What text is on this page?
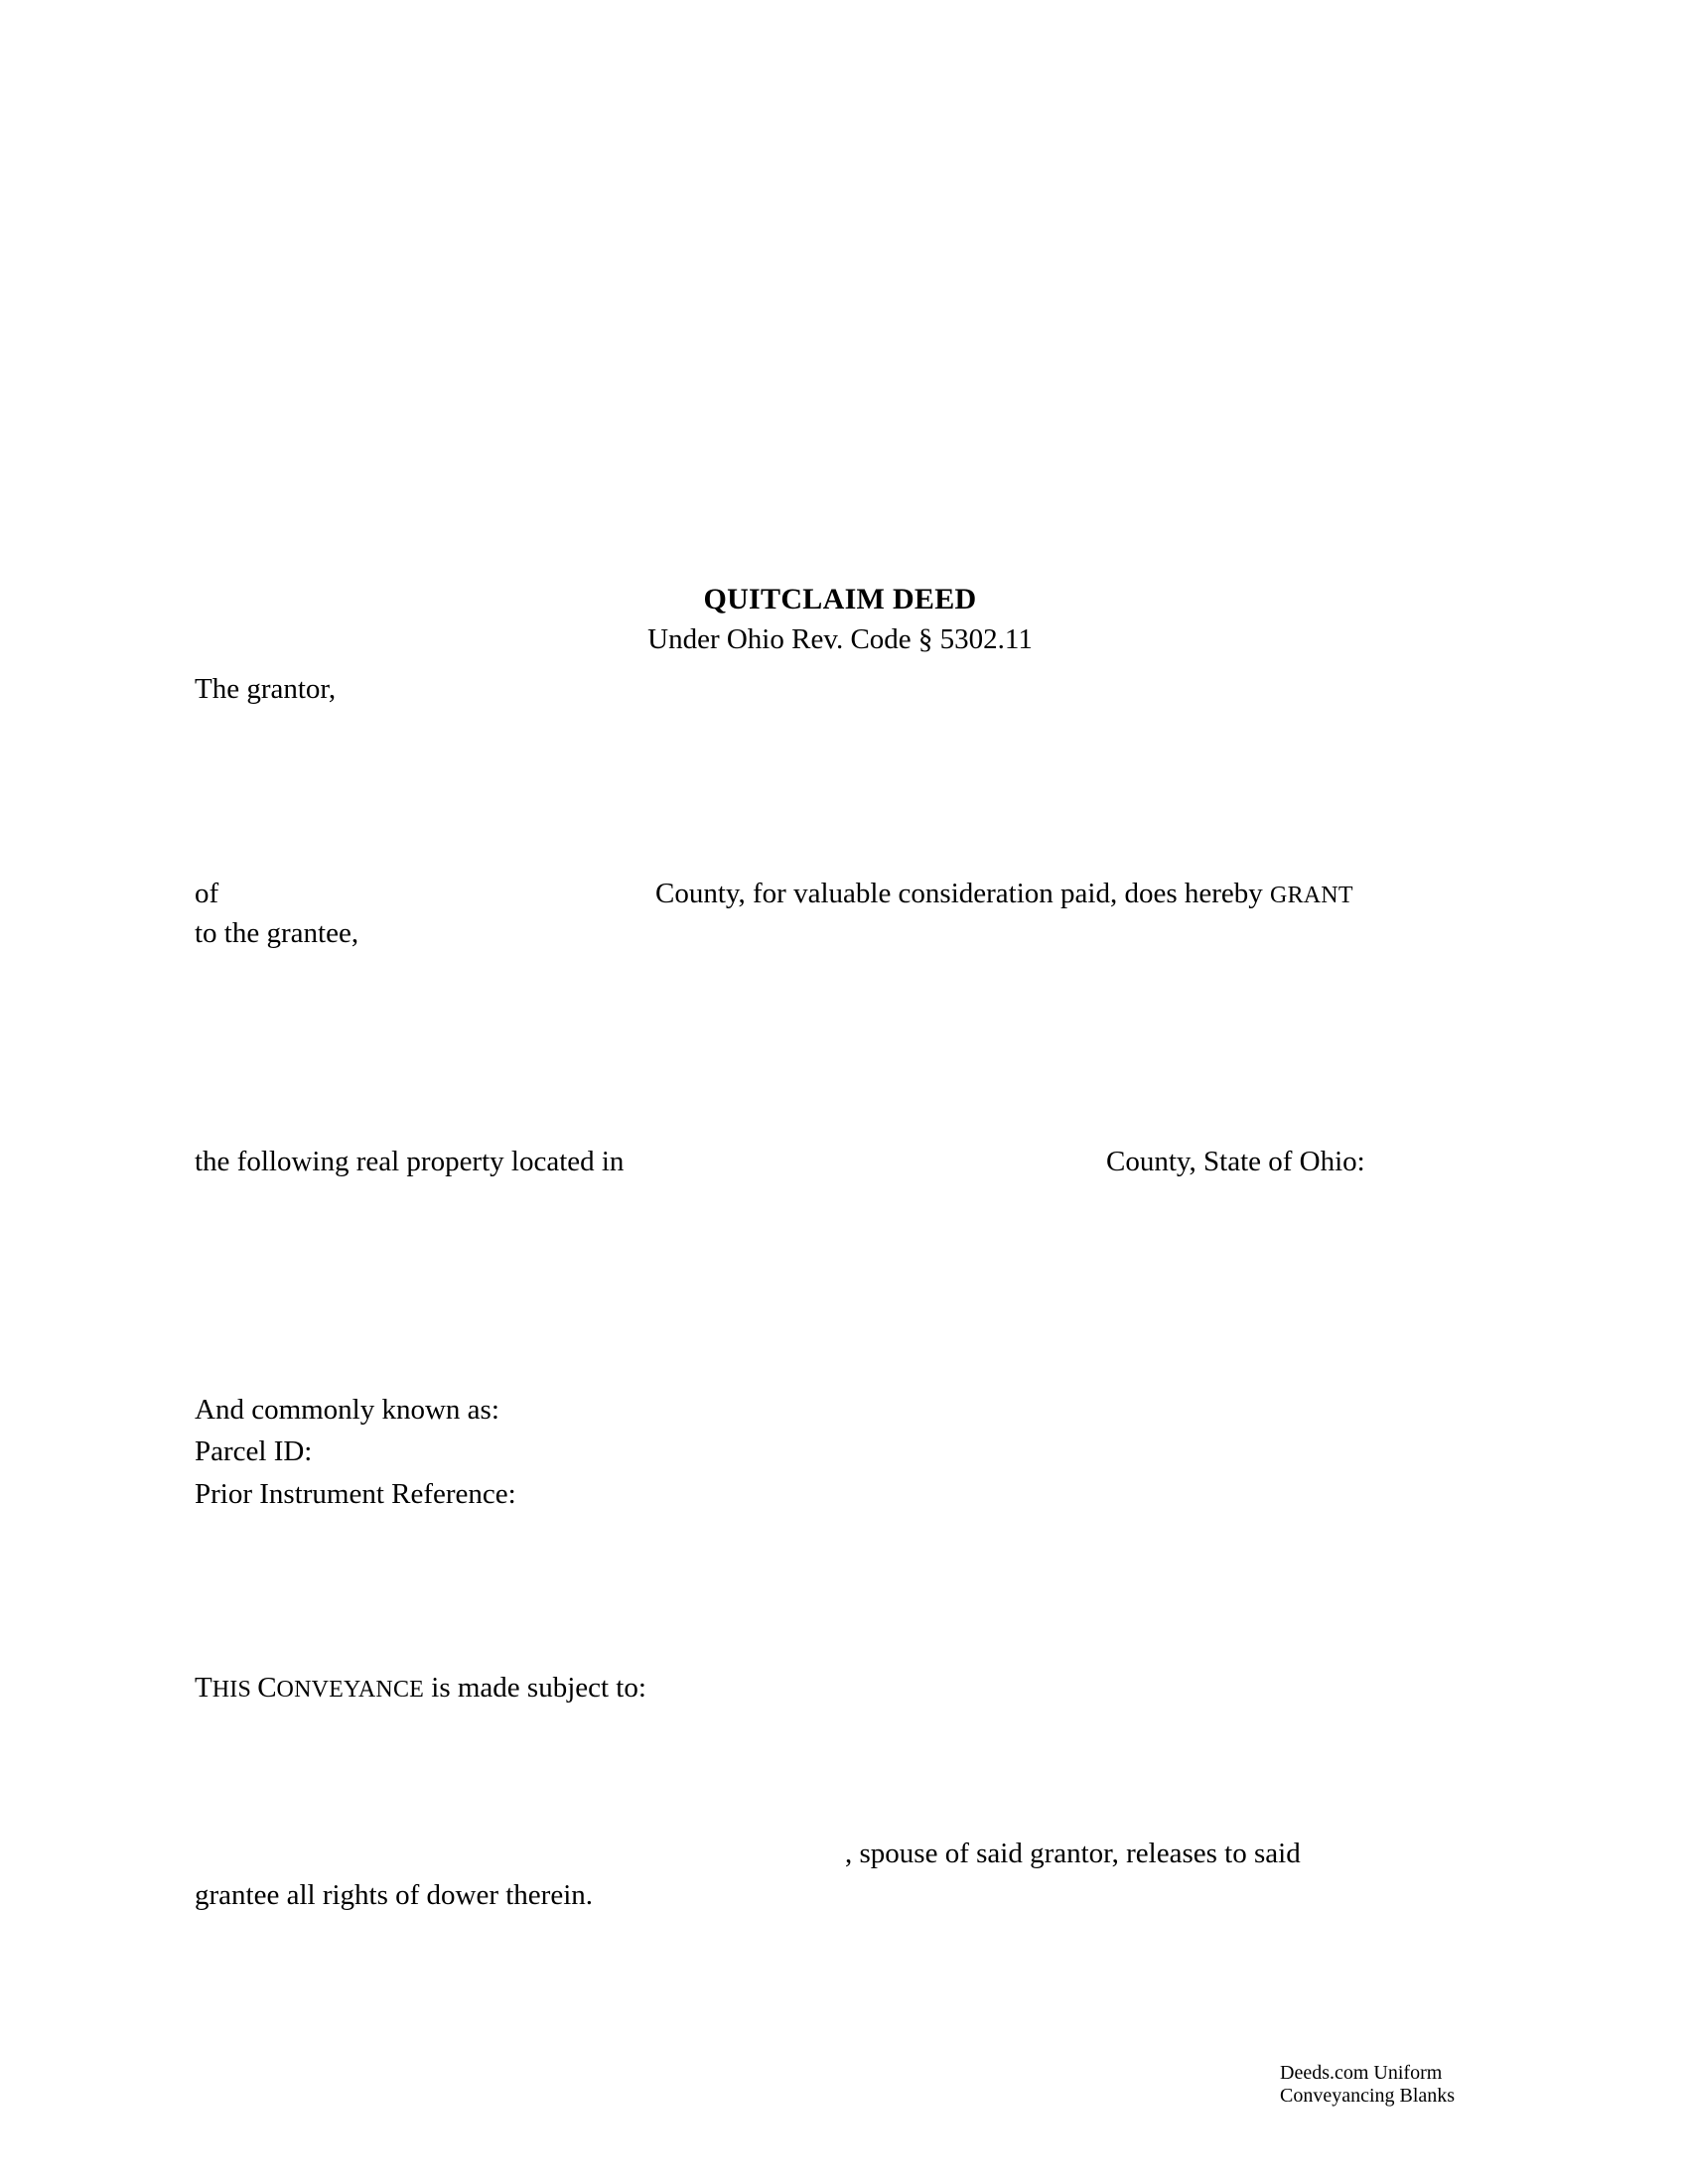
QUITCLAIM DEED
Under Ohio Rev. Code § 5302.11
The grantor,
of	County, for valuable consideration paid, does hereby GRANT
to the grantee,
the following real property located in	County, State of Ohio:
And commonly known as:
Parcel ID:
Prior Instrument Reference:
THIS CONVEYANCE is made subject to:
, spouse of said grantor, releases to said
grantee all rights of dower therein.
Deeds.com Uniform Conveyancing Blanks
